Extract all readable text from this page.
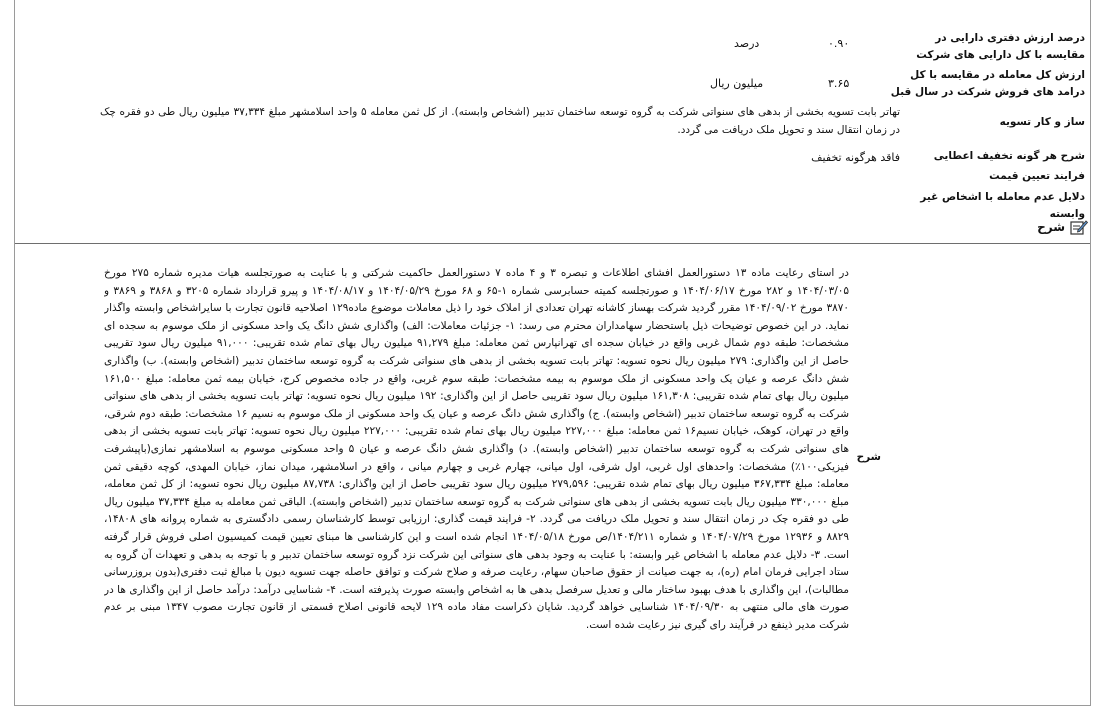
درصد ارزش دفتری دارایی در مقایسه با کل دارایی های شرکت
۰.۹۰
درصد
ارزش کل معامله در مقایسه با کل درامد های فروش شرکت در سال قبل
۳.۶۵
میلیون ریال
ساز و کار تسویه
تهاتر بابت تسویه بخشی از بدهی های سنواتی شرکت به گروه توسعه ساختمان تدبیر (اشخاص وابسته). از کل ثمن معامله ۵ واحد اسلامشهر مبلغ ۳۷,۳۳۴ میلیون ریال طی دو فقره چک در زمان انتقال سند و تحویل ملک دریافت می گردد.
شرح هر گونه تخفیف اعطایی
فاقد هرگونه تخفیف
فرایند تعیین قیمت
دلایل عدم معامله با اشخاص غیر وابسته
شرح
شرح
در استای رعایت ماده ۱۳ دستورالعمل افشای اطلاعات و تبصره ۳ و ۴ ماده ۷ دستورالعمل حاکمیت شرکتی و با عنایت به صورتجلسه هیات مدیره شماره ۲۷۵ مورخ ۱۴۰۴/۰۳/۰۵ و ۲۸۲ مورخ ۱۴۰۴/۰۶/۱۷ و صورتجلسه کمیته حسابرسی شماره ۱-۶۵ و ۶۸ مورخ ۱۴۰۴/۰۵/۲۹ و ۱۴۰۴/۰۸/۱۷ و پیرو قرارداد شماره ۳۲۰۵ و ۳۸۶۸ و ۳۸۶۹ و ۳۸۷۰ مورخ ۱۴۰۴/۰۹/۰۲ مقرر گردید شرکت بهساز کاشانه تهران تعدادی از املاک خود را ذیل معاملات موضوع ماده۱۲۹ اصلاحیه قانون تجارت با سایراشخاص وابسته واگذار نماید. در این خصوص توضیحات ذیل باستحضار سهامداران محترم می رسد: ۱- جزئیات معاملات: الف) واگذاری شش دانگ یک واحد مسکونی از ملک موسوم به سجده ای مشخصات: طبقه دوم شمال غربی واقع در خیابان سجده ای تهرانپارس ثمن معامله: مبلغ ۹۱,۲۷۹ میلیون ریال بهای تمام شده تقریبی: ۹۱,۰۰۰ میلیون ریال سود تقریبی حاصل از این واگذاری: ۲۷۹ میلیون ریال نحوه تسویه: تهاتر بابت تسویه بخشی از بدهی های سنواتی شرکت به گروه توسعه ساختمان تدبیر (اشخاص وابسته). ب) واگذاری شش دانگ عرصه و عیان یک واحد مسکونی از ملک موسوم به بیمه مشخصات: طبقه سوم غربی، واقع در جاده مخصوص کرج، خیابان بیمه ثمن معامله: مبلغ ۱۶۱,۵۰۰ میلیون ریال بهای تمام شده تقریبی: ۱۶۱,۳۰۸ میلیون ریال سود تقریبی حاصل از این واگذاری: ۱۹۲ میلیون ریال نحوه تسویه: تهاتر بابت تسویه بخشی از بدهی های سنواتی شرکت به گروه توسعه ساختمان تدبیر (اشخاص وابسته). ج) واگذاری شش دانگ عرصه و عیان یک واحد مسکونی از ملک موسوم به نسیم ۱۶ مشخصات: طبقه دوم شرقی، واقع در تهران، کوهک، خیابان نسیم۱۶ ثمن معامله: مبلغ ۲۲۷,۰۰۰ میلیون ریال بهای تمام شده تقریبی: ۲۲۷,۰۰۰ میلیون ریال نحوه تسویه: تهاتر بابت تسویه بخشی از بدهی های سنواتی شرکت به گروه توسعه ساختمان تدبیر (اشخاص وابسته). د) واگذاری شش دانگ عرصه و عیان ۵ واحد مسکونی موسوم به اسلامشهر نمازی(باپیشرفت فیزیکی۱۰۰٪) مشخصات: واحدهای اول غربی، اول شرقی، اول میانی، چهارم غربی و چهارم میانی ، واقع در اسلامشهر، میدان نماز، خیابان المهدی، کوچه دقیقی ثمن معامله: مبلغ ۳۶۷,۳۳۴ میلیون ریال بهای تمام شده تقریبی: ۲۷۹,۵۹۶ میلیون ریال سود تقریبی حاصل از این واگذاری: ۸۷,۷۳۸ میلیون ریال نحوه تسویه: از کل ثمن معامله، مبلغ ۳۳۰,۰۰۰ میلیون ریال بابت تسویه بخشی از بدهی های سنواتی شرکت به گروه توسعه ساختمان تدبیر (اشخاص وابسته). الباقی ثمن معامله به مبلغ ۳۷,۳۳۴ میلیون ریال طی دو فقره چک در زمان انتقال سند و تحویل ملک دریافت می گردد. ۲- فرایند قیمت گذاری: ارزیابی توسط کارشناسان رسمی دادگستری به شماره پروانه های ۱۴۸۰۸، ۸۸۲۹ و ۱۲۹۳۶ مورخ ۱۴۰۴/۰۷/۲۹ و شماره ۱۴۰۴/۲۱۱/ص مورخ ۱۴۰۴/۰۵/۱۸ انجام شده است و این کارشناسی ها مبنای تعیین قیمت کمیسیون اصلی فروش قرار گرفته است. ۳- دلایل عدم معامله با اشخاص غیر وابسته: با عنایت به وجود بدهی های سنواتی این شرکت نزد گروه توسعه ساختمان تدبیر و با توجه به بدهی و تعهدات آن گروه به ستاد اجرایی فرمان امام (ره)، به جهت صیانت از حقوق صاحبان سهام، رعایت صرفه و صلاح شرکت و توافق حاصله جهت تسویه دیون با مبالغ ثبت دفتری(بدون بروزرسانی مطالبات)، این واگذاری با هدف بهبود ساختار مالی و تعدیل سرفصل بدهی ها به اشخاص وابسته صورت پذیرفته است. ۴- شناسایی درآمد: درآمد حاصل از این واگذاری ها در صورت های مالی منتهی به ۱۴۰۴/۰۹/۳۰ شناسایی خواهد گردید. شایان ذکراست مفاد ماده ۱۲۹ لایحه قانونی اصلاح قسمتی از قانون تجارت مصوب ۱۳۴۷ مبنی بر عدم شرکت مدیر ذینفع در فرآیند رای گیری نیز رعایت شده است.
